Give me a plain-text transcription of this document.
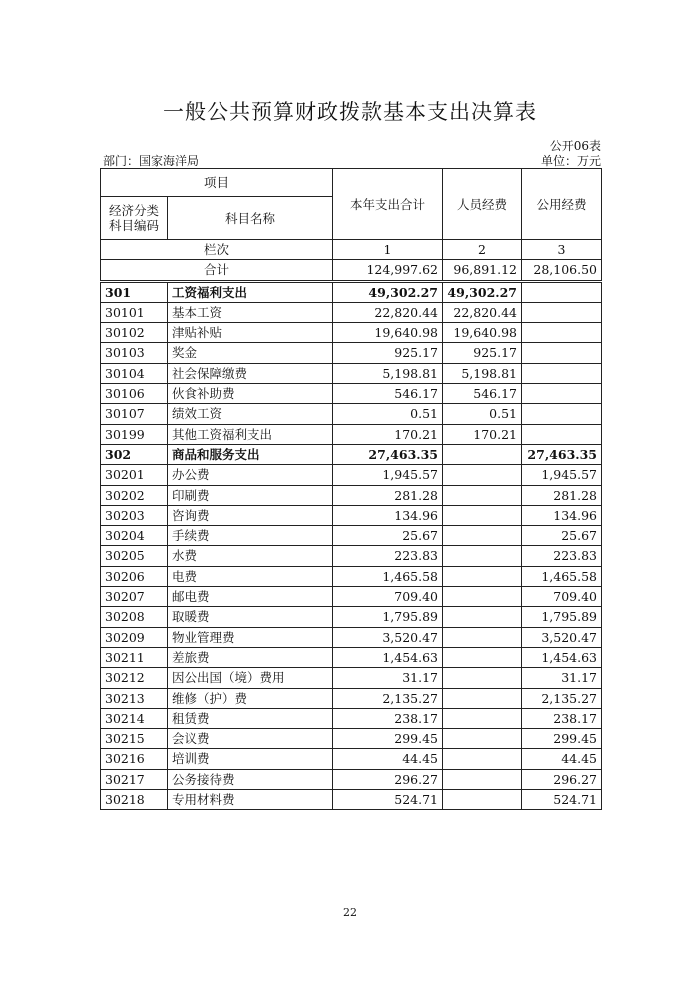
一般公共预算财政拨款基本支出决算表
公开06表
部门：国家海洋局	单位：万元
项目		本年支出合计	人员经费	公用经费
经济分类
科目编码	科目名称			
栏次		1	2	3
合计		124,997.62	96,891.12	28,106.50
301	工资福利支出	49,302.27	49,302.27	
30101	基本工资	22,820.44	22,820.44	
30102	津贴补贴	19,640.98	19,640.98	
30103	奖金	925.17	925.17	
30104	社会保障缴费	5,198.81	5,198.81	
30106	伙食补助费	546.17	546.17	
30107	绩效工资	0.51	0.51	
30199	其他工资福利支出	170.21	170.21	
302	商品和服务支出	27,463.35		27,463.35
30201	办公费	1,945.57		1,945.57
30202	印刷费	281.28		281.28
30203	咨询费	134.96		134.96
30204	手续费	25.67		25.67
30205	水费	223.83		223.83
30206	电费	1,465.58		1,465.58
30207	邮电费	709.40		709.40
30208	取暖费	1,795.89		1,795.89
30209	物业管理费	3,520.47		3,520.47
30211	差旅费	1,454.63		1,454.63
30212	因公出国（境）费用	31.17		31.17
30213	维修（护）费	2,135.27		2,135.27
30214	租赁费	238.17		238.17
30215	会议费	299.45		299.45
30216	培训费	44.45		44.45
30217	公务接待费	296.27		296.27
30218	专用材料费	524.71		524.71
22
